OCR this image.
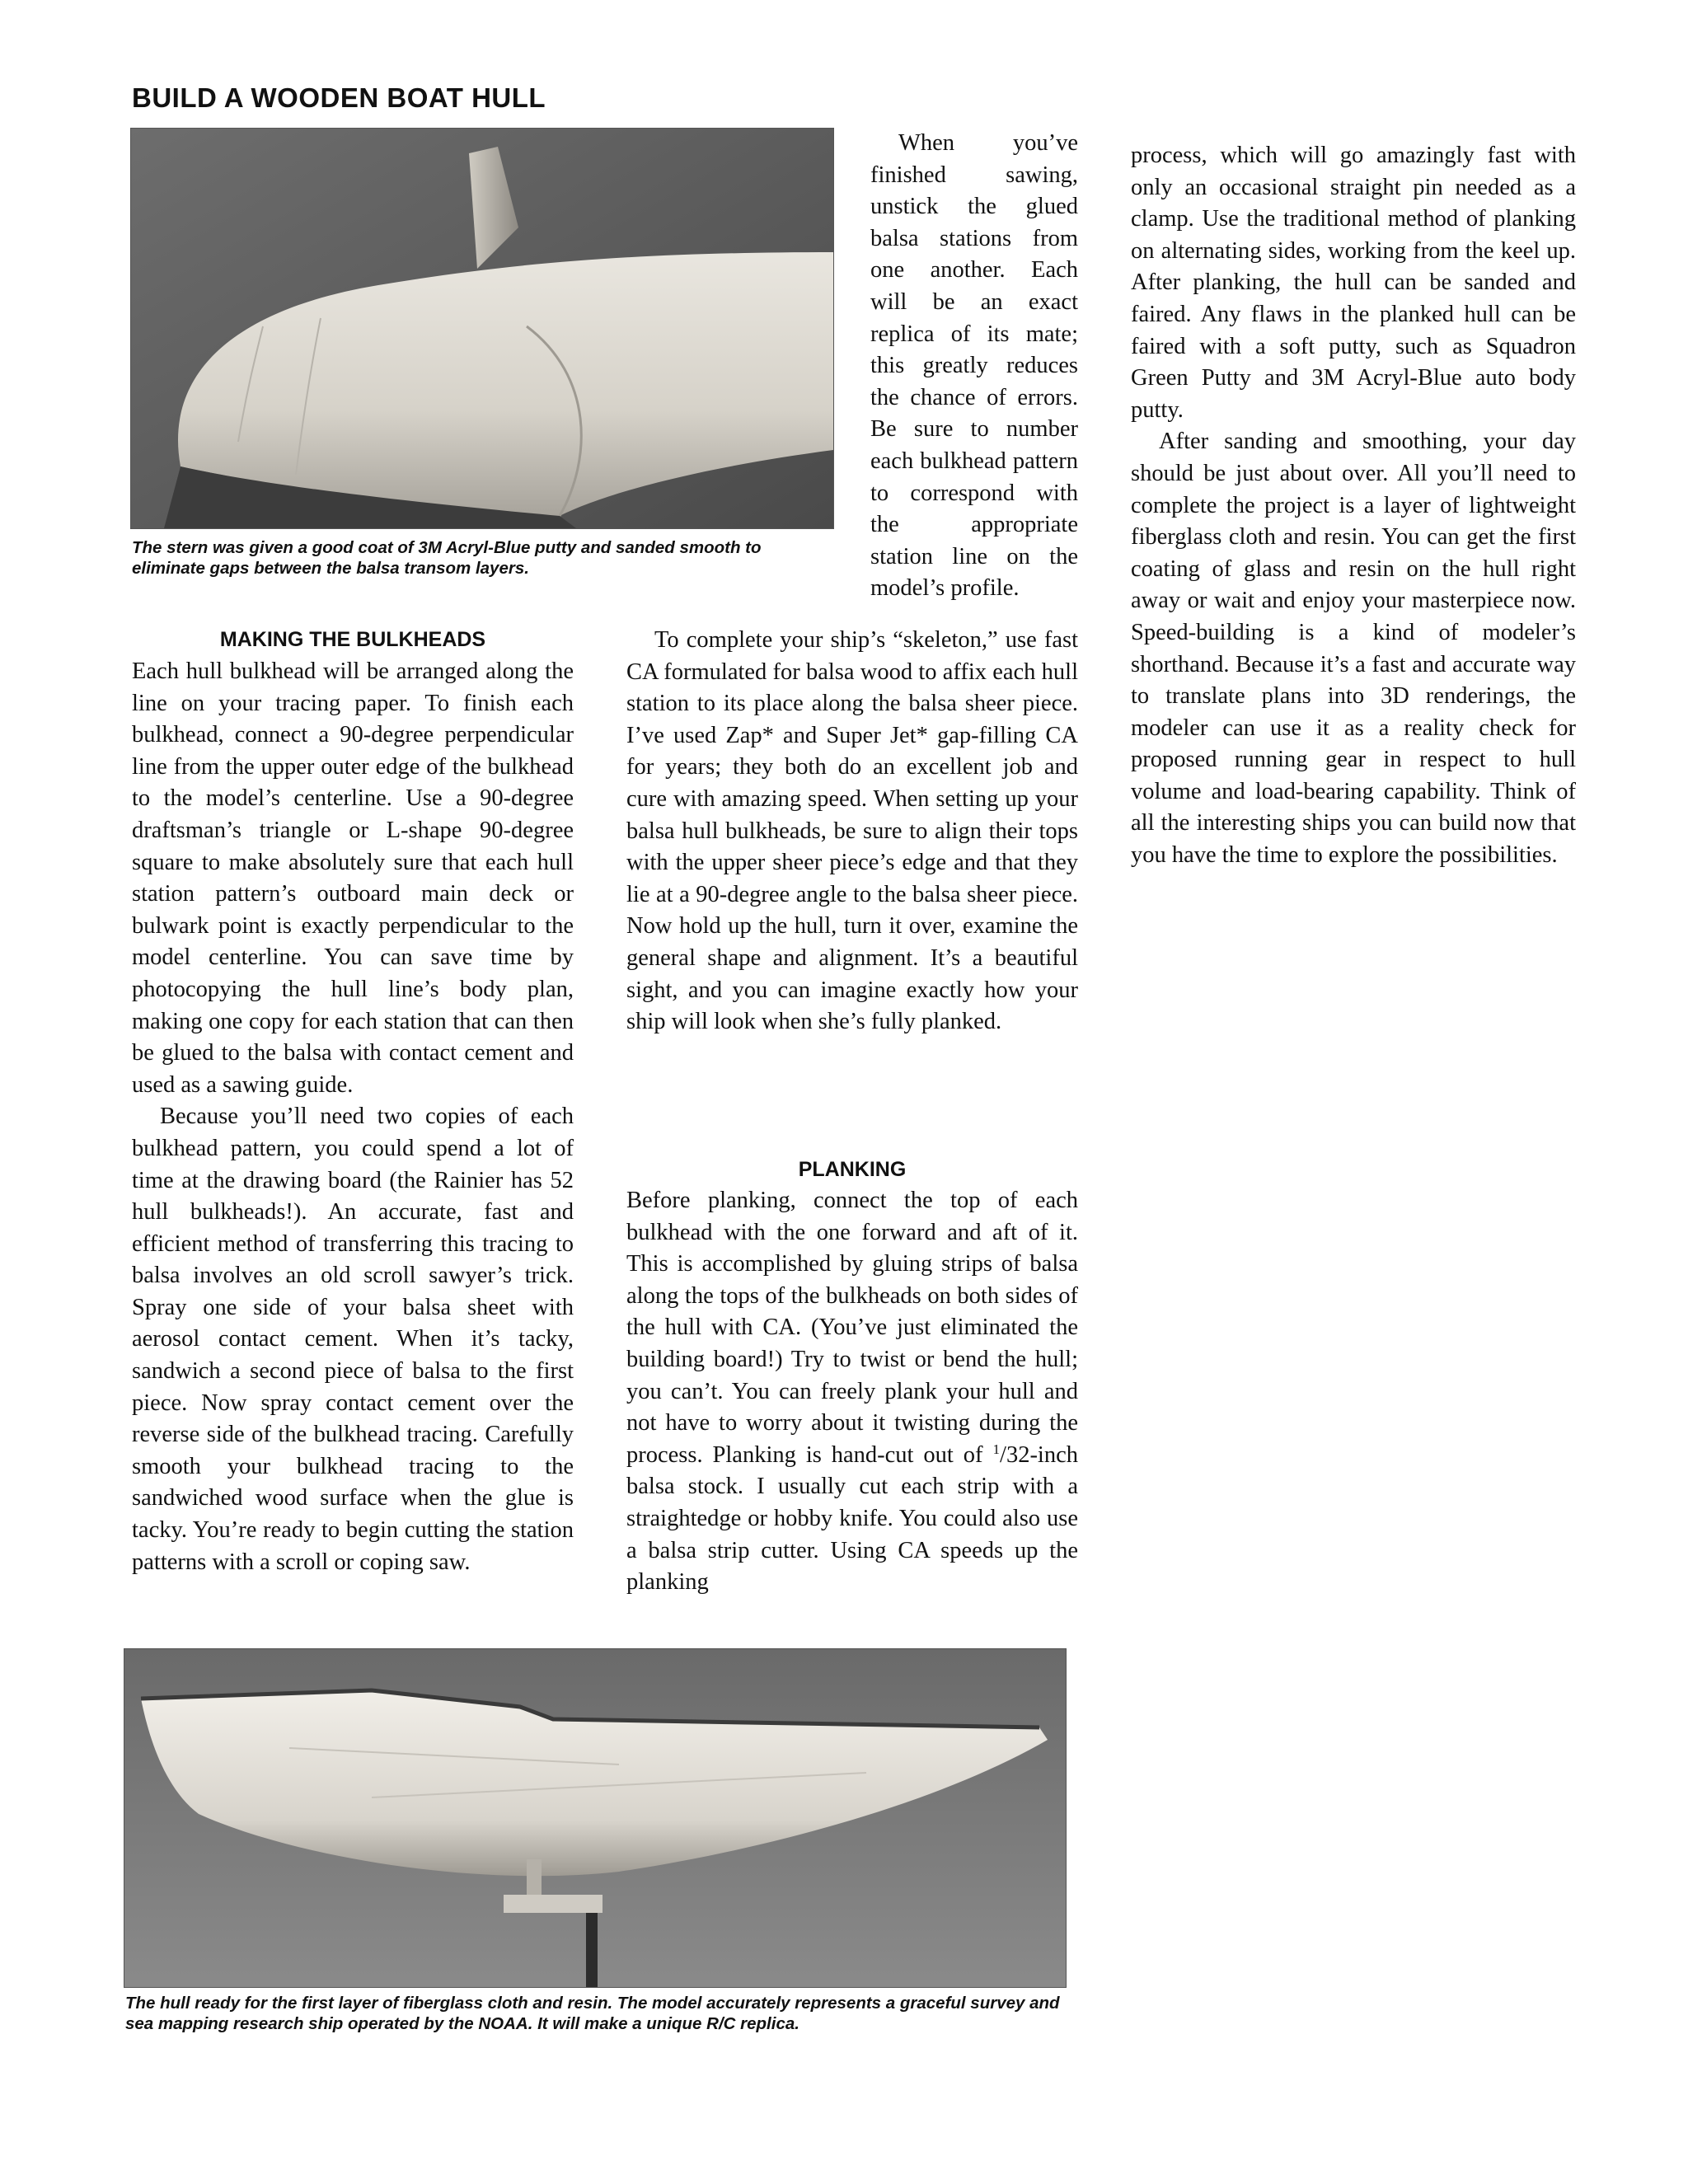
BUILD A WOODEN BOAT HULL
The stern was given a good coat of 3M Acryl-Blue putty and sanded smooth to eliminate gaps between the balsa transom layers.

When you’ve finished sawing, unstick the glued balsa stations from one another. Each will be an exact replica of its mate; this greatly reduces the chance of errors. Be sure to number each bulkhead pattern to correspond with the appropriate station line on the model’s profile.

MAKING THE BULKHEADS

Each hull bulkhead will be arranged along the line on your tracing paper. To finish each bulkhead, connect a 90-degree perpendicular line from the upper outer edge of the bulkhead to the model’s centerline. Use a 90-degree draftsman’s triangle or L-shape 90-degree square to make absolutely sure that each hull station pattern’s outboard main deck or bulwark point is exactly perpendicular to the model centerline. You can save time by photocopying the hull line’s body plan, making one copy for each station that can then be glued to the balsa with contact cement and used as a sawing guide.

Because you’ll need two copies of each bulkhead pattern, you could spend a lot of time at the drawing board (the Rainier has 52 hull bulkheads!). An accurate, fast and efficient method of transferring this tracing to balsa involves an old scroll sawyer’s trick. Spray one side of your balsa sheet with aerosol contact cement. When it’s tacky, sandwich a second piece of balsa to the first piece. Now spray contact cement over the reverse side of the bulkhead tracing. Carefully smooth your bulkhead tracing to the sandwiched wood surface when the glue is tacky. You’re ready to begin cutting the station patterns with a scroll or coping saw.

To complete your ship’s “skeleton,” use fast CA formulated for balsa wood to affix each hull station to its place along the balsa sheer piece. I’ve used Zap* and Super Jet* gap-filling CA for years; they both do an excellent job and cure with amazing speed. When setting up your balsa hull bulkheads, be sure to align their tops with the upper sheer piece’s edge and that they lie at a 90-degree angle to the balsa sheer piece. Now hold up the hull, turn it over, examine the general shape and alignment. It’s a beautiful sight, and you can imagine exactly how your ship will look when she’s fully planked.

PLANKING

Before planking, connect the top of each bulkhead with the one forward and aft of it. This is accomplished by gluing strips of balsa along the tops of the bulkheads on both sides of the hull with CA. (You’ve just eliminated the building board!) Try to twist or bend the hull; you can’t. You can freely plank your hull and not have to worry about it twisting during the process. Planking is hand-cut out of $^1$/32-inch balsa stock. I usually cut each strip with a straightedge or hobby knife. You could also use a balsa strip cutter. Using CA speeds up the planking

process, which will go amazingly fast with only an occasional straight pin needed as a clamp. Use the traditional method of planking on alternating sides, working from the keel up. After planking, the hull can be sanded and faired. Any flaws in the planked hull can be faired with a soft putty, such as Squadron Green Putty and 3M Acryl-Blue auto body putty.

After sanding and smoothing, your day should be just about over. All you’ll need to complete the project is a layer of lightweight fiberglass cloth and resin. You can get the first coating of glass and resin on the hull right away or wait and enjoy your masterpiece now. Speed-building is a kind of modeler’s shorthand. Because it’s a fast and accurate way to translate plans into 3D renderings, the modeler can use it as a reality check for proposed running gear in respect to hull volume and load-bearing capability. Think of all the interesting ships you can build now that you have the time to explore the possibilities.

The hull ready for the first layer of fiberglass cloth and resin. The model accurately represents a graceful survey and sea mapping research ship operated by the NOAA. It will make a unique R/C replica.
